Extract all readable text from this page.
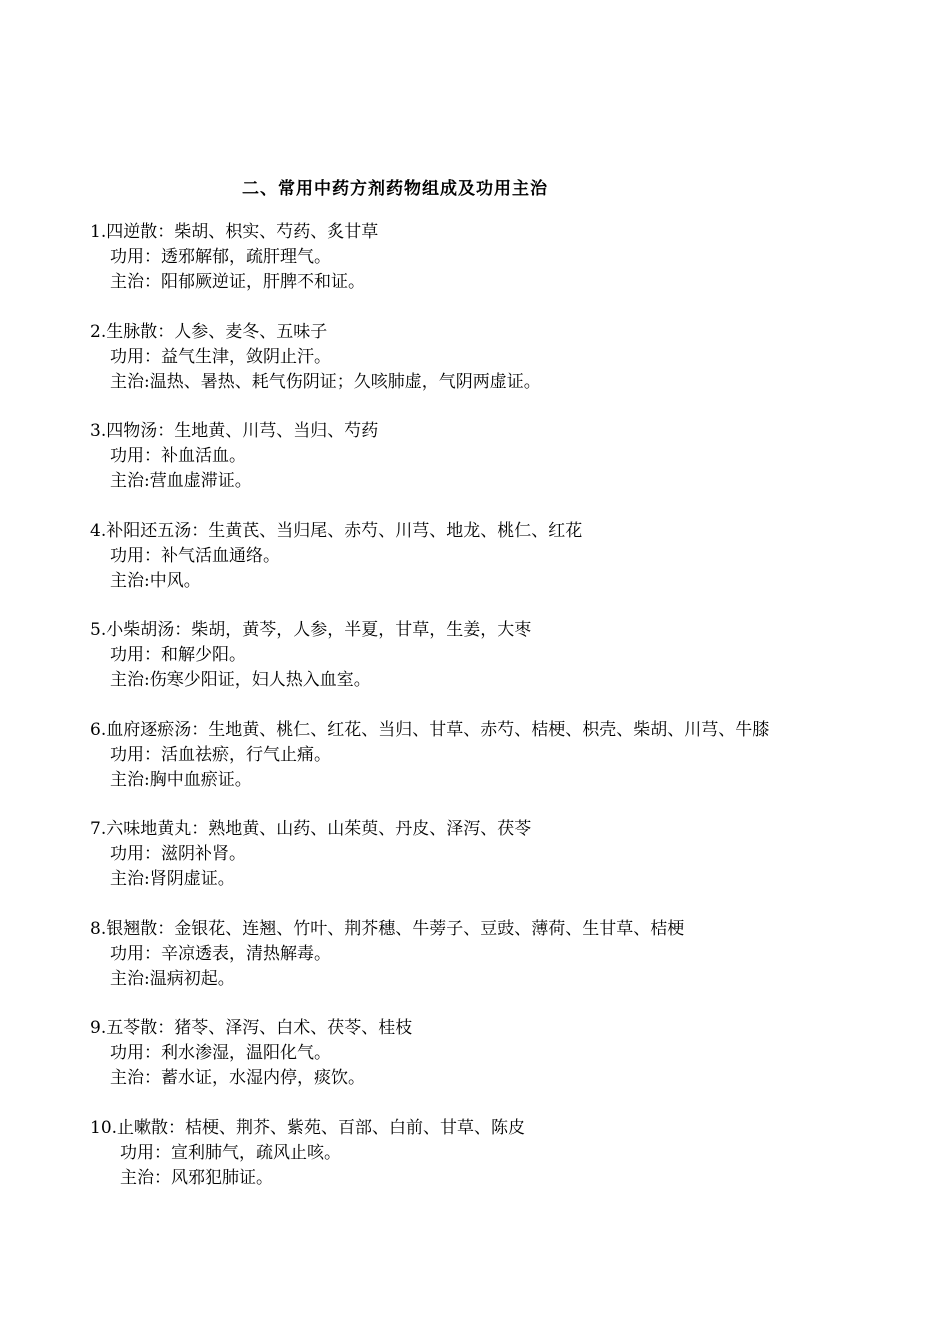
二、常用中药方剂药物组成及功用主治
1.四逆散：柴胡、枳实、芍药、炙甘草
功用：透邪解郁，疏肝理气。
主治：阳郁厥逆证，肝脾不和证。
2.生脉散：人参、麦冬、五味子
功用：益气生津，敛阴止汗。
主治:温热、暑热、耗气伤阴证；久咳肺虚，气阴两虚证。
3.四物汤：生地黄、川芎、当归、芍药
功用：补血活血。
主治:营血虚滞证。
4.补阳还五汤：生黄芪、当归尾、赤芍、川芎、地龙、桃仁、红花
功用：补气活血通络。
主治:中风。
5.小柴胡汤：柴胡，黄芩，人参，半夏，甘草，生姜，大枣
功用：和解少阳。
主治:伤寒少阳证，妇人热入血室。
6.血府逐瘀汤：生地黄、桃仁、红花、当归、甘草、赤芍、桔梗、枳壳、柴胡、川芎、牛膝
功用：活血祛瘀，行气止痛。
主治:胸中血瘀证。
7.六味地黄丸：熟地黄、山药、山茱萸、丹皮、泽泻、茯苓
功用：滋阴补肾。
主治:肾阴虚证。
8.银翘散：金银花、连翘、竹叶、荆芥穗、牛蒡子、豆豉、薄荷、生甘草、桔梗
功用：辛凉透表，清热解毒。
主治:温病初起。
9.五苓散：猪苓、泽泻、白术、茯苓、桂枝
功用：利水渗湿，温阳化气。
主治：蓄水证，水湿内停，痰饮。
10.止嗽散：桔梗、荆芥、紫苑、百部、白前、甘草、陈皮
功用：宣利肺气，疏风止咳。
主治：风邪犯肺证。
